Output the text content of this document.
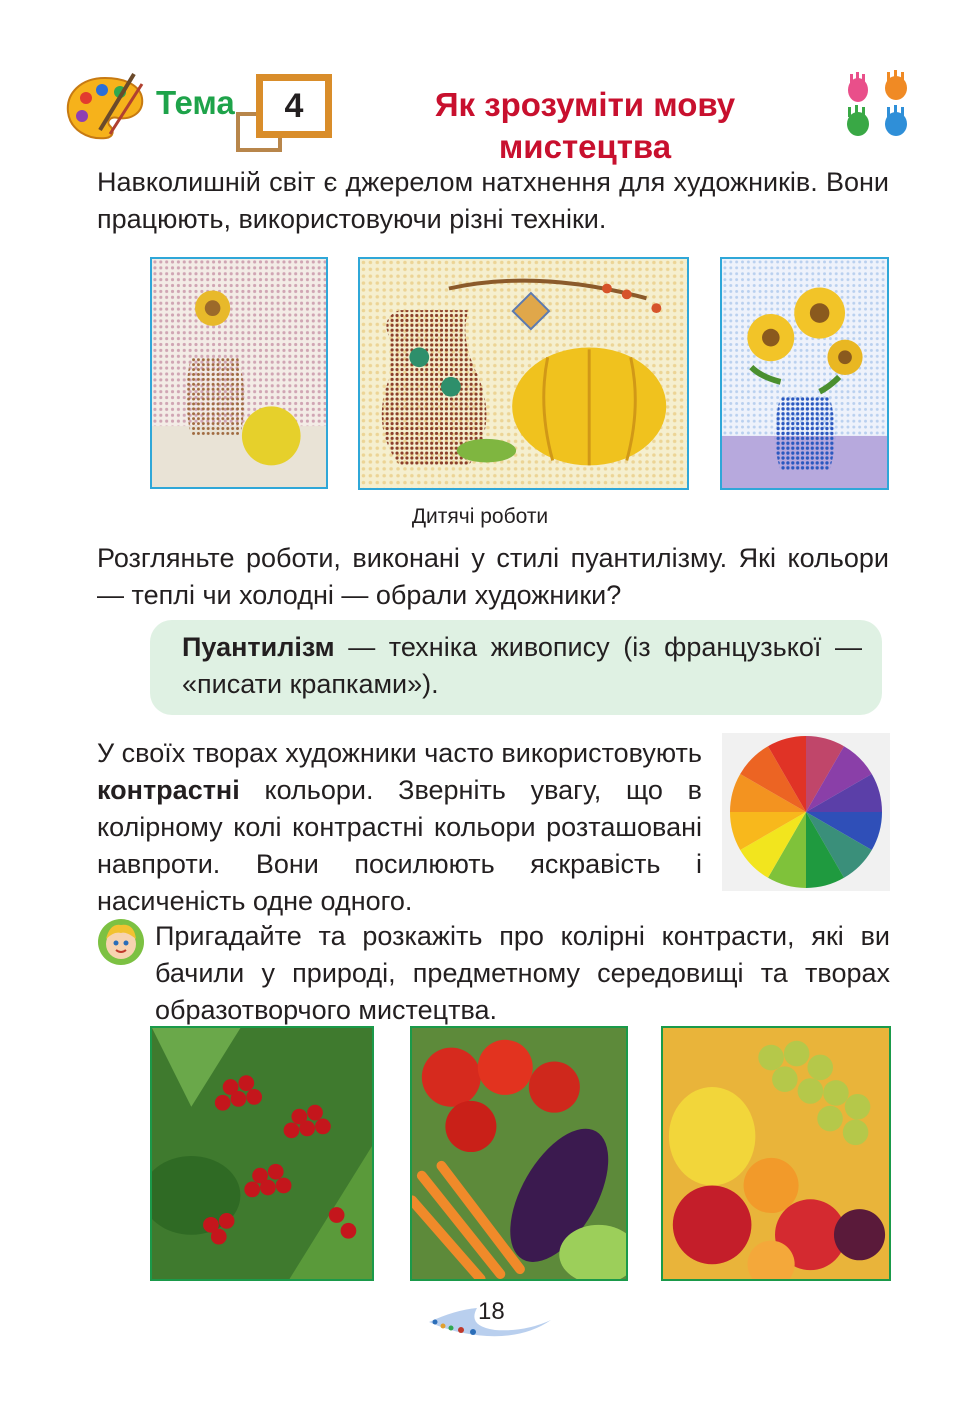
Тема	4	Як зрозуміти мову
мистецтва
Навколишній світ є джерелом натхнення для художників. Вони працюють, використовуючи різні техніки.
Дитячі роботи
Розгляньте роботи, виконані у стилі пуантилізму. Які кольори — теплі чи холодні — обрали художники?
Пуантилізм — техніка живопису (із французької — «писати крапками»).
У своїх творах художники часто використовують контрастні кольори. Зверніть увагу, що в колірному колі контрастні кольори розташовані навпроти. Вони посилюють яскравість і насиченість одне одного.
Пригадайте та розкажіть про колірні контрасти, які ви бачили у природі, предметному середовищі та творах образотворчого мистецтва.
18
